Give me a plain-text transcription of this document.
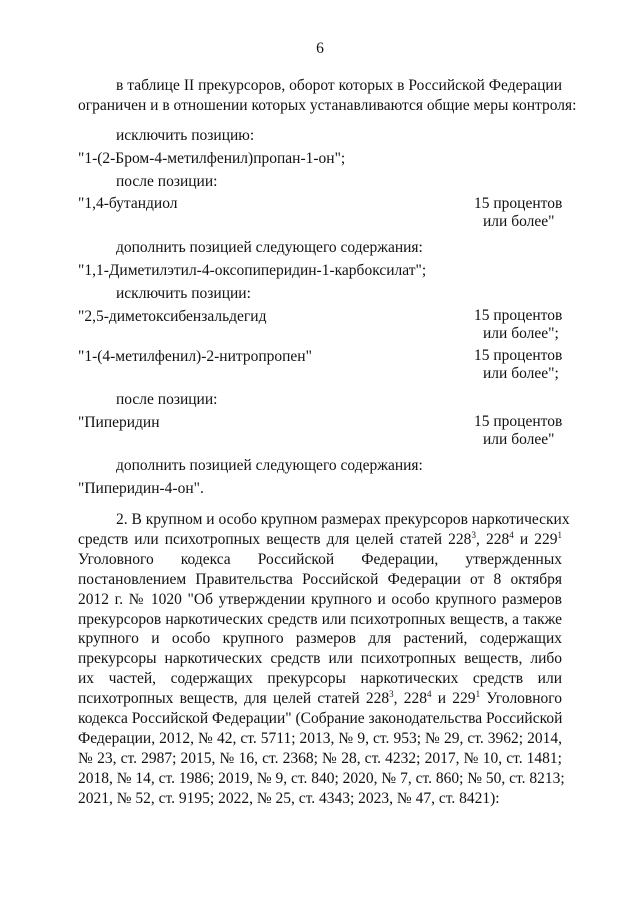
6
в таблице II прекурсоров, оборот которых в Российской Федерации
ограничен и в отношении которых устанавливаются общие меры контроля:
исключить позицию:
"1-(2-Бром-4-метилфенил)пропан-1-он";
после позиции:
"1,4-бутандиол	15 процентов
или более"
дополнить позицией следующего содержания:
"1,1-Диметилэтил-4-оксопиперидин-1-карбоксилат";
исключить позиции:
"2,5-диметоксибензальдегид	15 процентов
или более";
"1-(4-метилфенил)-2-нитропропен"	15 процентов
или более";
после позиции:
"Пиперидин	15 процентов
или более"
дополнить позицией следующего содержания:
"Пиперидин-4-он".
2. В крупном и особо крупном размерах прекурсоров наркотических
средств или психотропных веществ для целей статей $228^3$, $228^4$ и $229^1$
Уголовного кодекса Российской Федерации, утвержденных
постановлением Правительства Российской Федерации от 8 октября
2012 г. № 1020 "Об утверждении крупного и особо крупного размеров
прекурсоров наркотических средств или психотропных веществ, а также
крупного и особо крупного размеров для растений, содержащих
прекурсоры наркотических средств или психотропных веществ, либо
их частей, содержащих прекурсоры наркотических средств или
психотропных веществ, для целей статей $228^3$, $228^4$ и $229^1$ Уголовного
кодекса Российской Федерации" (Собрание законодательства Российской
Федерации, 2012, № 42, ст. 5711; 2013, № 9, ст. 953; № 29, ст. 3962; 2014,
№ 23, ст. 2987; 2015, № 16, ст. 2368; № 28, ст. 4232; 2017, № 10, ст. 1481;
2018, № 14, ст. 1986; 2019, № 9, ст. 840; 2020, № 7, ст. 860; № 50, ст. 8213;
2021, № 52, ст. 9195; 2022, № 25, ст. 4343; 2023, № 47, ст. 8421):
